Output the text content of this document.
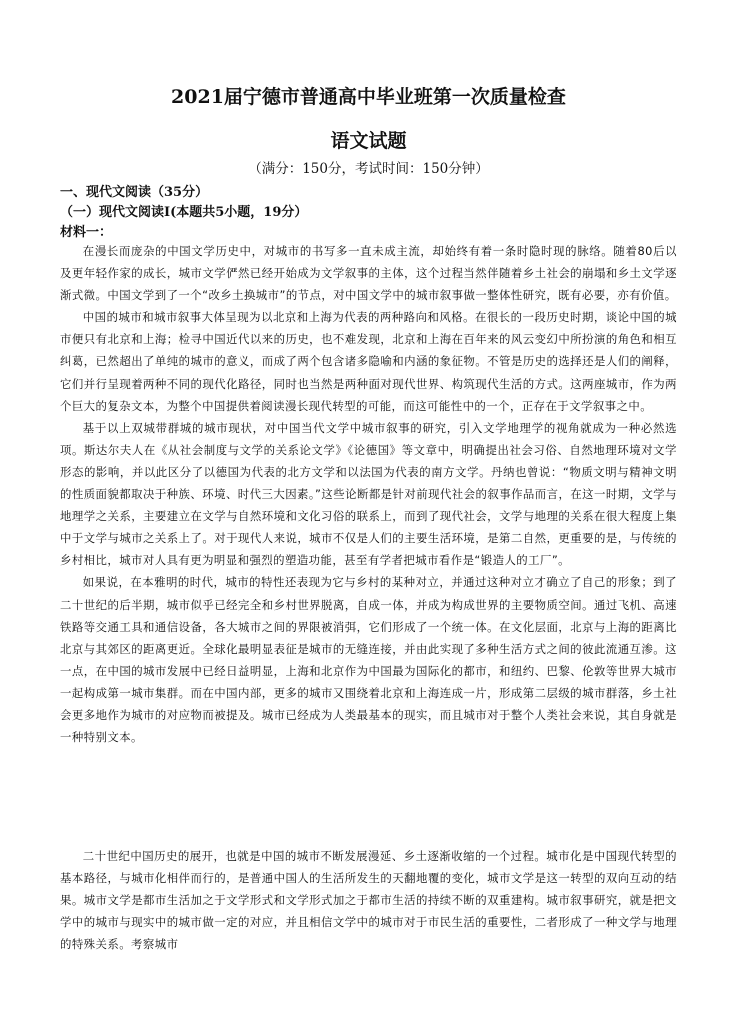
2021届宁德市普通高中毕业班第一次质量检查
语文试题
（满分：150分，考试时间：150分钟）
一、现代文阅读（35分）
（一）现代文阅读Ⅰ(本题共5小题，19分）
材料一：

在漫长而庞杂的中国文学历史中，对城市的书写多一直未成主流，却始终有着一条时隐时现的脉络。随着80后以及更年轻作家的成长，城市文学俨然已经开始成为文学叙事的主体，这个过程当然伴随着乡土社会的崩塌和乡土文学逐渐式微。中国文学到了一个“改乡土换城市”的节点，对中国文学中的城市叙事做一整体性研究，既有必要，亦有价值。

中国的城市和城市叙事大体呈现为以北京和上海为代表的两种路向和风格。在很长的一段历史时期，谈论中国的城市便只有北京和上海；检寻中国近代以来的历史，也不难发现，北京和上海在百年来的风云变幻中所扮演的角色和相互纠葛，已然超出了单纯的城市的意义，而成了两个包含诸多隐喻和内涵的象征物。不管是历史的选择还是人们的阐释，它们并行呈现着两种不同的现代化路径，同时也当然是两种面对现代世界、构筑现代生活的方式。这两座城市，作为两个巨大的复杂文本，为整个中国提供着阅读漫长现代转型的可能，而这可能性中的一个，正存在于文学叙事之中。

基于以上双城带群城的城市现状，对中国当代文学中城市叙事的研究，引入文学地理学的视角就成为一种必然选项。斯达尔夫人在《从社会制度与文学的关系论文学》《论德国》等文章中，明确提出社会习俗、自然地理环境对文学形态的影响，并以此区分了以德国为代表的北方文学和以法国为代表的南方文学。丹纳也曾说：“物质文明与精神文明的性质面貌都取决于种族、环境、时代三大因素。”这些论断都是针对前现代社会的叙事作品而言，在这一时期，文学与地理学之关系，主要建立在文学与自然环境和文化习俗的联系上，而到了现代社会，文学与地理的关系在很大程度上集中于文学与城市之关系上了。对于现代人来说，城市不仅是人们的主要生活环境，是第二自然，更重要的是，与传统的乡村相比，城市对人具有更为明显和强烈的塑造功能，甚至有学者把城市看作是“锻造人的工厂”。

如果说，在本雅明的时代，城市的特性还表现为它与乡村的某种对立，并通过这种对立才确立了自己的形象；到了二十世纪的后半期，城市似乎已经完全和乡村世界脱离，自成一体，并成为构成世界的主要物质空间。通过飞机、高速铁路等交通工具和通信设备，各大城市之间的界限被消弭，它们形成了一个统一体。在文化层面，北京与上海的距离比北京与其郊区的距离更近。全球化最明显表征是城市的无缝连接，并由此实现了多种生活方式之间的彼此流通互渗。这一点，在中国的城市发展中已经日益明显，上海和北京作为中国最为国际化的都市，和纽约、巴黎、伦敦等世界大城市一起构成第一城市集群。而在中国内部，更多的城市又围绕着北京和上海连成一片，形成第二层级的城市群落，乡土社会更多地作为城市的对应物而被提及。城市已经成为人类最基本的现实，而且城市对于整个人类社会来说，其自身就是一种特别文本。

二十世纪中国历史的展开，也就是中国的城市不断发展漫延、乡土逐渐收缩的一个过程。城市化是中国现代转型的基本路径，与城市化相伴而行的，是普通中国人的生活所发生的天翻地覆的变化，城市文学是这一转型的双向互动的结果。城市文学是都市生活加之于文学形式和文学形式加之于都市生活的持续不断的双重建构。城市叙事研究，就是把文学中的城市与现实中的城市做一定的对应，并且相信文学中的城市对于市民生活的重要性，二者形成了一种文学与地理的特殊关系。考察城市
